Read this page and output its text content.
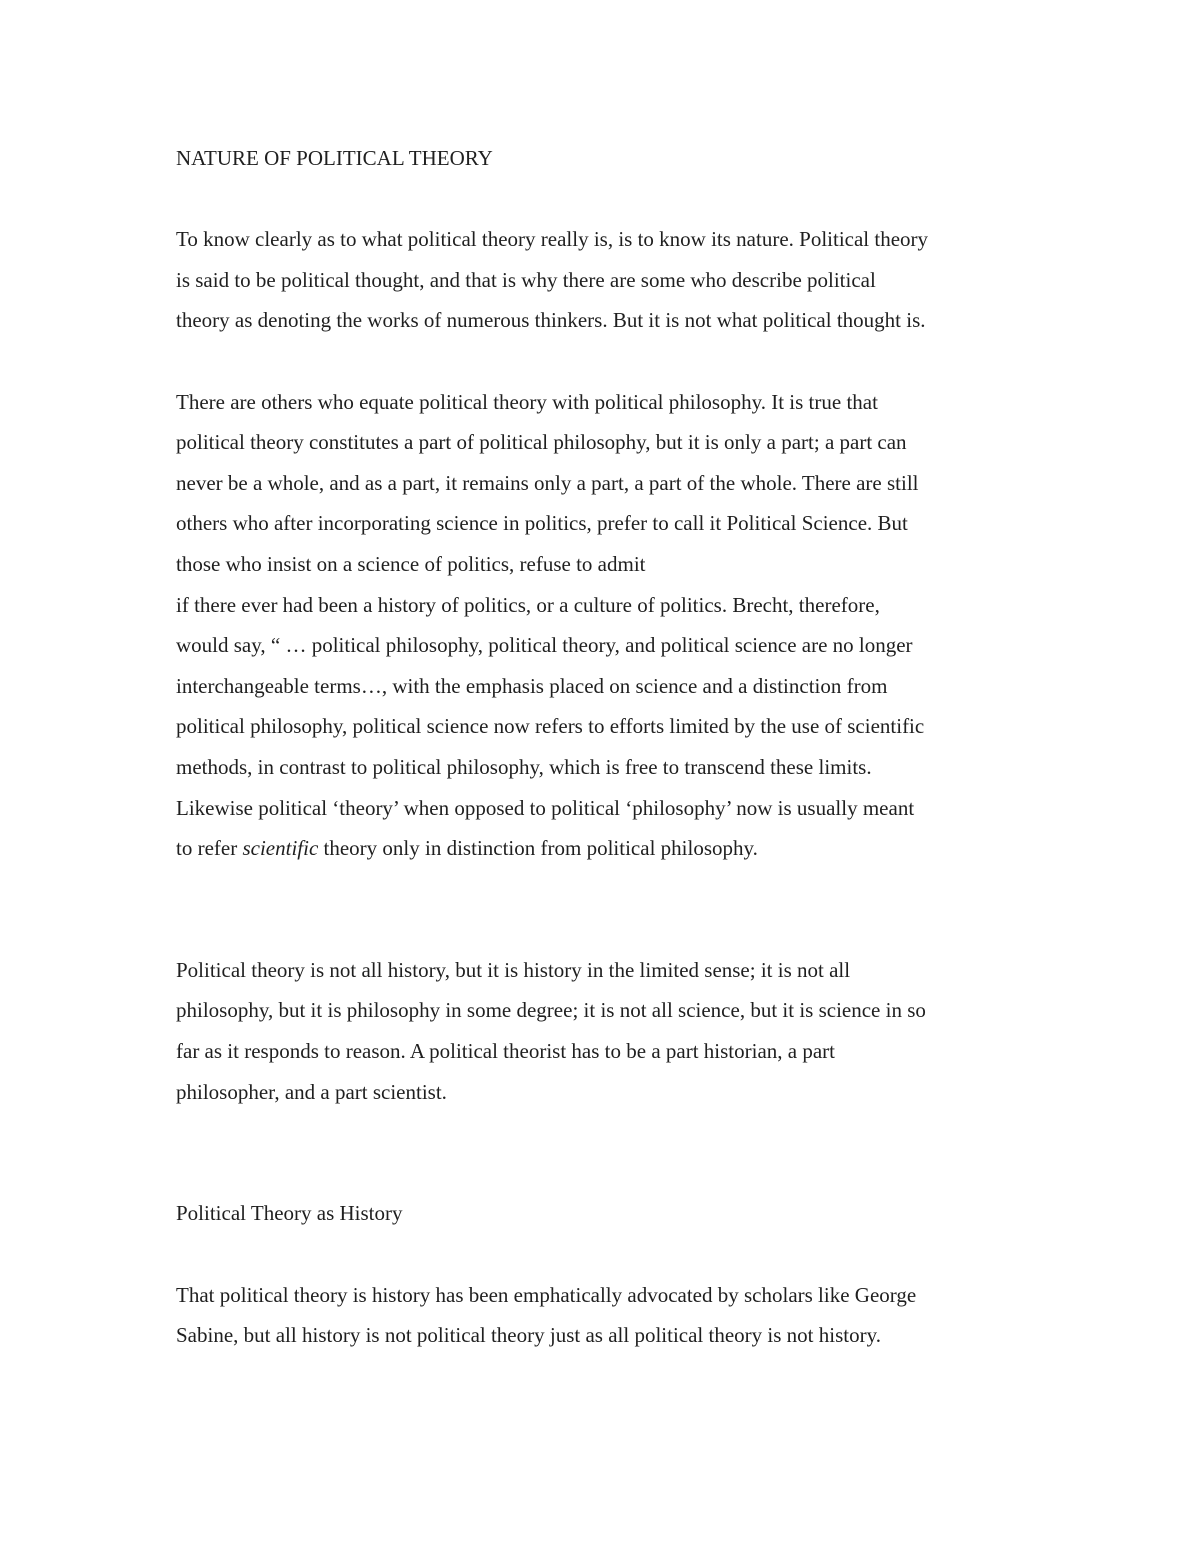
NATURE OF POLITICAL THEORY

To know clearly as to what political theory really is, is to know its nature. Political theory

is said to be political thought, and that is why there are some who describe political

theory as denoting the works of numerous thinkers. But it is not what political thought is.

There are others who equate political theory with political philosophy. It is true that

political theory constitutes a part of political philosophy, but it is only a part; a part can

never be a whole, and as a part, it remains only a part, a part of the whole. There are still

others who after incorporating science in politics, prefer to call it Political Science. But

those who insist on a science of politics, refuse to admit

if there ever had been a history of politics, or a culture of politics. Brecht, therefore,

would say, “ … political philosophy, political theory, and political science are no longer

interchangeable terms…, with the emphasis placed on science and a distinction from

political philosophy, political science now refers to efforts limited by the use of scientific

methods, in contrast to political philosophy, which is free to transcend these limits.

Likewise political ‘theory’ when opposed to political ‘philosophy’ now is usually meant

to refer scientific theory only in distinction from political philosophy.

Political theory is not all history, but it is history in the limited sense; it is not all

philosophy, but it is philosophy in some degree; it is not all science, but it is science in so

far as it responds to reason. A political theorist has to be a part historian, a part

philosopher, and a part scientist.

Political Theory as History

That political theory is history has been emphatically advocated by scholars like George

Sabine, but all history is not political theory just as all political theory is not history.
